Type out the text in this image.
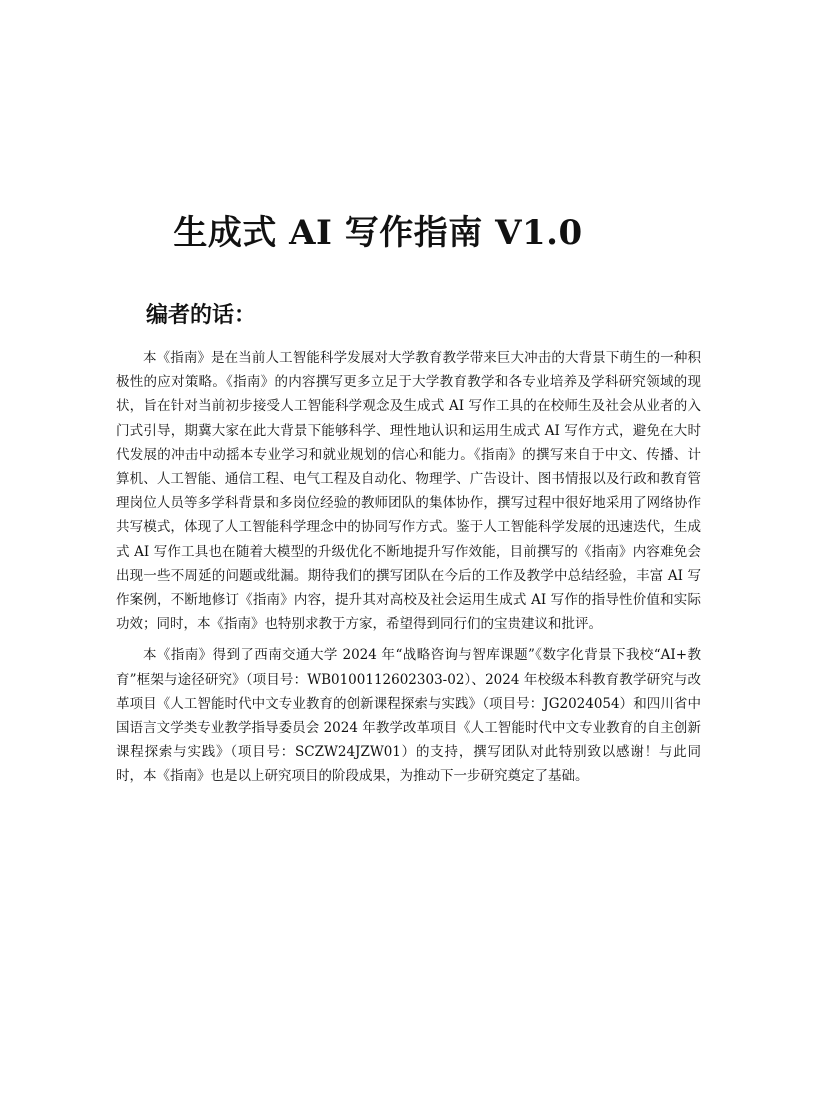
生成式 AI 写作指南 V1.0
编者的话：

本《指南》是在当前人工智能科学发展对大学教育教学带来巨大冲击的大背景下萌生的一种积极性的应对策略。《指南》的内容撰写更多立足于大学教育教学和各专业培养及学科研究领域的现状，旨在针对当前初步接受人工智能科学观念及生成式 AI 写作工具的在校师生及社会从业者的入门式引导，期冀大家在此大背景下能够科学、理性地认识和运用生成式 AI 写作方式，避免在大时代发展的冲击中动摇本专业学习和就业规划的信心和能力。《指南》的撰写来自于中文、传播、计算机、人工智能、通信工程、电气工程及自动化、物理学、广告设计、图书情报以及行政和教育管理岗位人员等多学科背景和多岗位经验的教师团队的集体协作，撰写过程中很好地采用了网络协作共写模式，体现了人工智能科学理念中的协同写作方式。鉴于人工智能科学发展的迅速迭代，生成式 AI 写作工具也在随着大模型的升级优化不断地提升写作效能，目前撰写的《指南》内容难免会出现一些不周延的问题或纰漏。期待我们的撰写团队在今后的工作及教学中总结经验，丰富 AI 写作案例，不断地修订《指南》内容，提升其对高校及社会运用生成式 AI 写作的指导性价值和实际功效；同时，本《指南》也特别求教于方家，希望得到同行们的宝贵建议和批评。

本《指南》得到了西南交通大学 2024 年“战略咨询与智库课题”《数字化背景下我校“AI+教育”框架与途径研究》（项目号：WB0100112602303-02）、2024 年校级本科教育教学研究与改革项目《人工智能时代中文专业教育的创新课程探索与实践》（项目号：JG2024054）和四川省中国语言文学类专业教学指导委员会 2024 年教学改革项目《人工智能时代中文专业教育的自主创新课程探索与实践》（项目号：SCZW24JZW01）的支持，撰写团队对此特别致以感谢！与此同时，本《指南》也是以上研究项目的阶段成果，为推动下一步研究奠定了基础。
